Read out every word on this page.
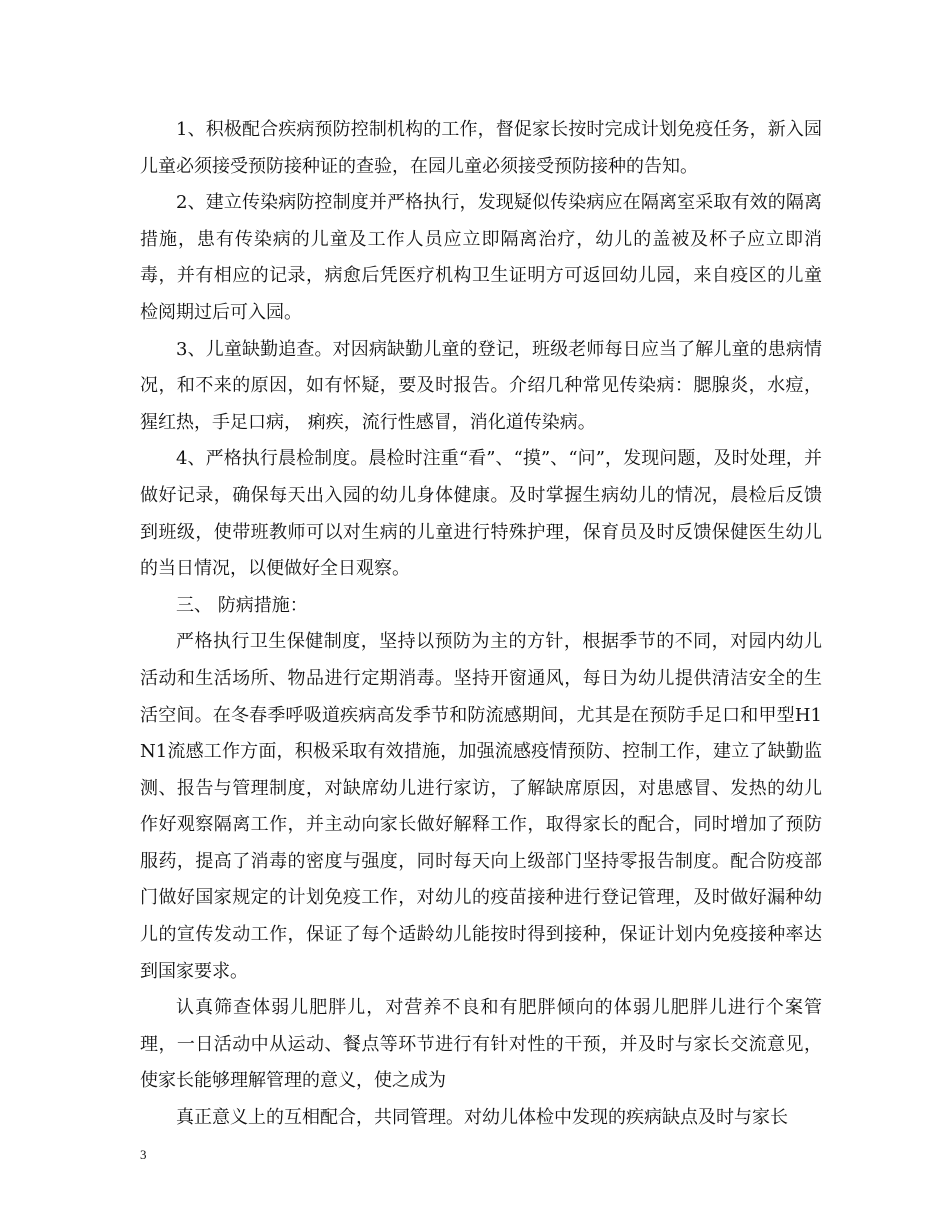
1、积极配合疾病预防控制机构的工作，督促家长按时完成计划免疫任务，新入园儿童必须接受预防接种证的查验，在园儿童必须接受预防接种的告知。

2、建立传染病防控制度并严格执行，发现疑似传染病应在隔离室采取有效的隔离措施，患有传染病的儿童及工作人员应立即隔离治疗，幼儿的盖被及杯子应立即消毒，并有相应的记录，病愈后凭医疗机构卫生证明方可返回幼儿园，来自疫区的儿童检阅期过后可入园。

3、儿童缺勤追查。对因病缺勤儿童的登记，班级老师每日应当了解儿童的患病情况，和不来的原因，如有怀疑，要及时报告。介绍几种常见传染病：腮腺炎，水痘，猩红热，手足口病， 痢疾，流行性感冒，消化道传染病。

4、严格执行晨检制度。晨检时注重“看”、“摸”、“问”，发现问题，及时处理，并做好记录，确保每天出入园的幼儿身体健康。及时掌握生病幼儿的情况，晨检后反馈到班级，使带班教师可以对生病的儿童进行特殊护理，保育员及时反馈保健医生幼儿的当日情况，以便做好全日观察。

三、 防病措施：

严格执行卫生保健制度，坚持以预防为主的方针，根据季节的不同，对园内幼儿活动和生活场所、物品进行定期消毒。坚持开窗通风，每日为幼儿提供清洁安全的生活空间。在冬春季呼吸道疾病高发季节和防流感期间，尤其是在预防手足口和甲型H1N1流感工作方面，积极采取有效措施，加强流感疫情预防、控制工作，建立了缺勤监测、报告与管理制度，对缺席幼儿进行家访，了解缺席原因，对患感冒、发热的幼儿作好观察隔离工作，并主动向家长做好解释工作，取得家长的配合，同时增加了预防服药，提高了消毒的密度与强度，同时每天向上级部门坚持零报告制度。配合防疫部门做好国家规定的计划免疫工作，对幼儿的疫苗接种进行登记管理，及时做好漏种幼儿的宣传发动工作，保证了每个适龄幼儿能按时得到接种，保证计划内免疫接种率达到国家要求。

认真筛查体弱儿肥胖儿，对营养不良和有肥胖倾向的体弱儿肥胖儿进行个案管理，一日活动中从运动、餐点等环节进行有针对性的干预，并及时与家长交流意见，使家长能够理解管理的意义，使之成为

真正意义上的互相配合，共同管理。对幼儿体检中发现的疾病缺点及时与家长

3
